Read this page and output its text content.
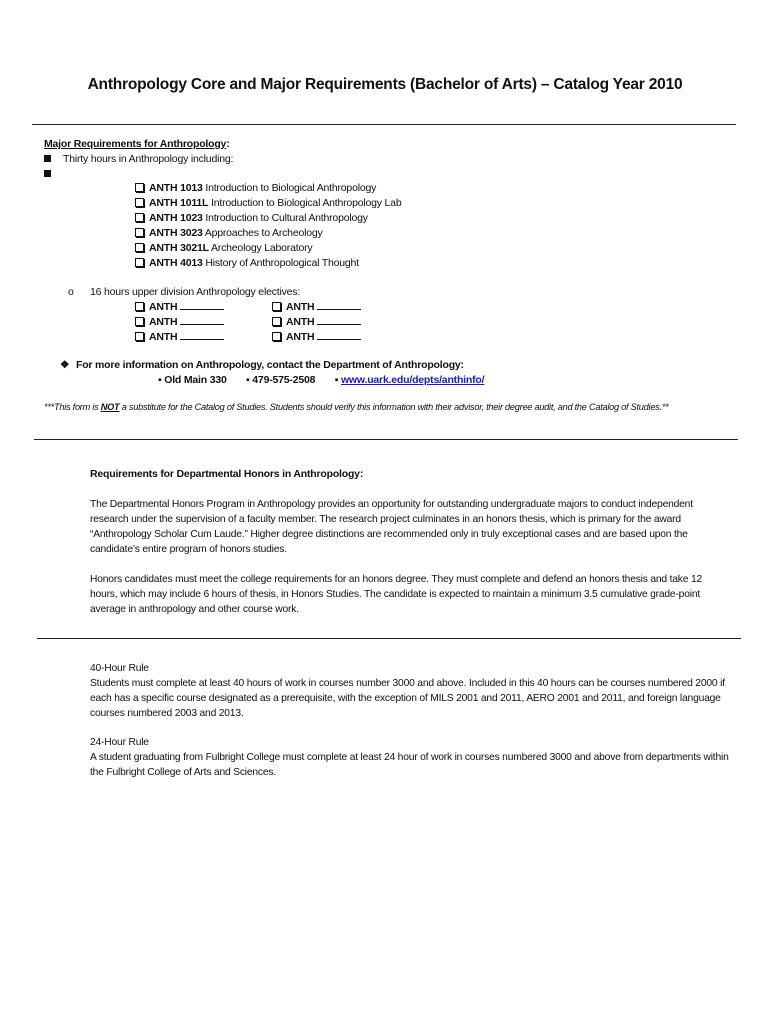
Anthropology Core and Major Requirements (Bachelor of Arts) – Catalog Year 2010
Major Requirements for Anthropology:
Thirty hours in Anthropology including:
ANTH 1013 Introduction to Biological Anthropology
ANTH 1011L Introduction to Biological Anthropology Lab
ANTH 1023 Introduction to Cultural Anthropology
ANTH 3023 Approaches to Archeology
ANTH 3021L Archeology Laboratory
ANTH 4013 History of Anthropological Thought
o 16 hours upper division Anthropology electives:
ANTH
ANTH
ANTH
ANTH
ANTH
ANTH
❖ For more information on Anthropology, contact the Department of Anthropology:
▪ Old Main 330 ▪ 479-575-2508 ▪ www.uark.edu/depts/anthinfo/
***This form is NOT a substitute for the Catalog of Studies. Students should verify this information with their advisor, their degree audit, and the Catalog of Studies.**
Requirements for Departmental Honors in Anthropology:
The Departmental Honors Program in Anthropology provides an opportunity for outstanding undergraduate majors to conduct independent research under the supervision of a faculty member. The research project culminates in an honors thesis, which is primary for the award “Anthropology Scholar Cum Laude.” Higher degree distinctions are recommended only in truly exceptional cases and are based upon the candidate’s entire program of honors studies.
Honors candidates must meet the college requirements for an honors degree. They must complete and defend an honors thesis and take 12 hours, which may include 6 hours of thesis, in Honors Studies. The candidate is expected to maintain a minimum 3.5 cumulative grade-point average in anthropology and other course work.
40-Hour Rule
Students must complete at least 40 hours of work in courses number 3000 and above. Included in this 40 hours can be courses numbered 2000 if each has a specific course designated as a prerequisite, with the exception of MILS 2001 and 2011, AERO 2001 and 2011, and foreign language courses numbered 2003 and 2013.
24-Hour Rule
A student graduating from Fulbright College must complete at least 24 hour of work in courses numbered 3000 and above from departments within the Fulbright College of Arts and Sciences.
